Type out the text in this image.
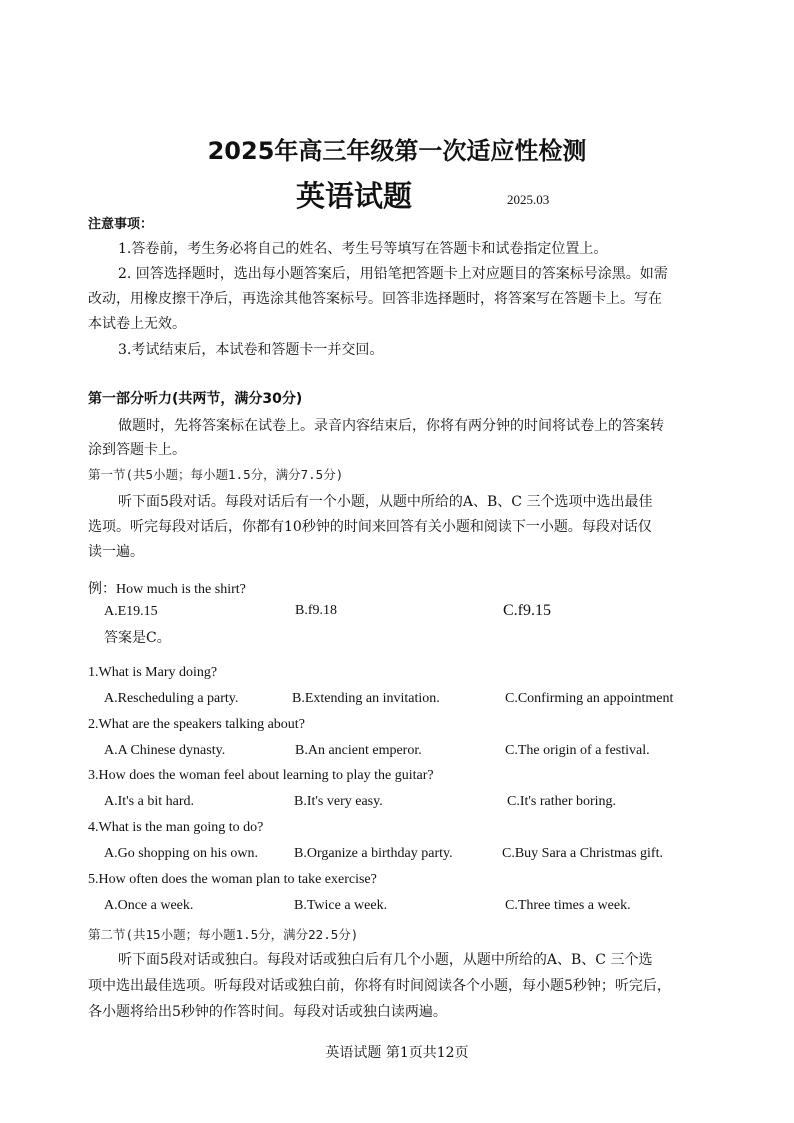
2025年高三年级第一次适应性检测
英语试题	2025.03
注意事项：
1.答卷前，考生务必将自己的姓名、考生号等填写在答题卡和试卷指定位置上。
2. 回答选择题时，选出每小题答案后，用铅笔把答题卡上对应题目的答案标号涂黑。如需
改动，用橡皮擦干净后，再选涂其他答案标号。回答非选择题时，将答案写在答题卡上。写在
本试卷上无效。
3.考试结束后，本试卷和答题卡一并交回。
第一部分听力(共两节，满分30分)
做题时，先将答案标在试卷上。录音内容结束后，你将有两分钟的时间将试卷上的答案转
涂到答题卡上。
第一节(共5小题；每小题1.5分，满分7.5分)
听下面5段对话。每段对话后有一个小题，从题中所给的A、B、C 三个选项中选出最佳
选项。听完每段对话后，你都有10秒钟的时间来回答有关小题和阅读下一小题。每段对话仅
读一遍。
例：How much is the shirt?
A.E19.15	B.f9.18	C.f9.15
答案是C。
1.What is Mary doing?
A.Rescheduling a party.	B.Extending an invitation.	C.Confirming an appointment
2.What are the speakers talking about?
A.A Chinese dynasty.	B.An ancient emperor.	C.The origin of a festival.
3.How does the woman feel about learning to play the guitar?
A.It's a bit hard.	B.It's very easy.	C.It's rather boring.
4.What is the man going to do?
A.Go shopping on his own.	B.Organize a birthday party.	C.Buy Sara a Christmas gift.
5.How often does the woman plan to take exercise?
A.Once a week.	B.Twice a week.	C.Three times a week.
第二节(共15小题；每小题1.5分，满分22.5分)
听下面5段对话或独白。每段对话或独白后有几个小题，从题中所给的A、B、C 三个选
项中选出最佳选项。听每段对话或独白前，你将有时间阅读各个小题，每小题5秒钟；听完后，
各小题将给出5秒钟的作答时间。每段对话或独白读两遍。
英语试题 第1页共12页
